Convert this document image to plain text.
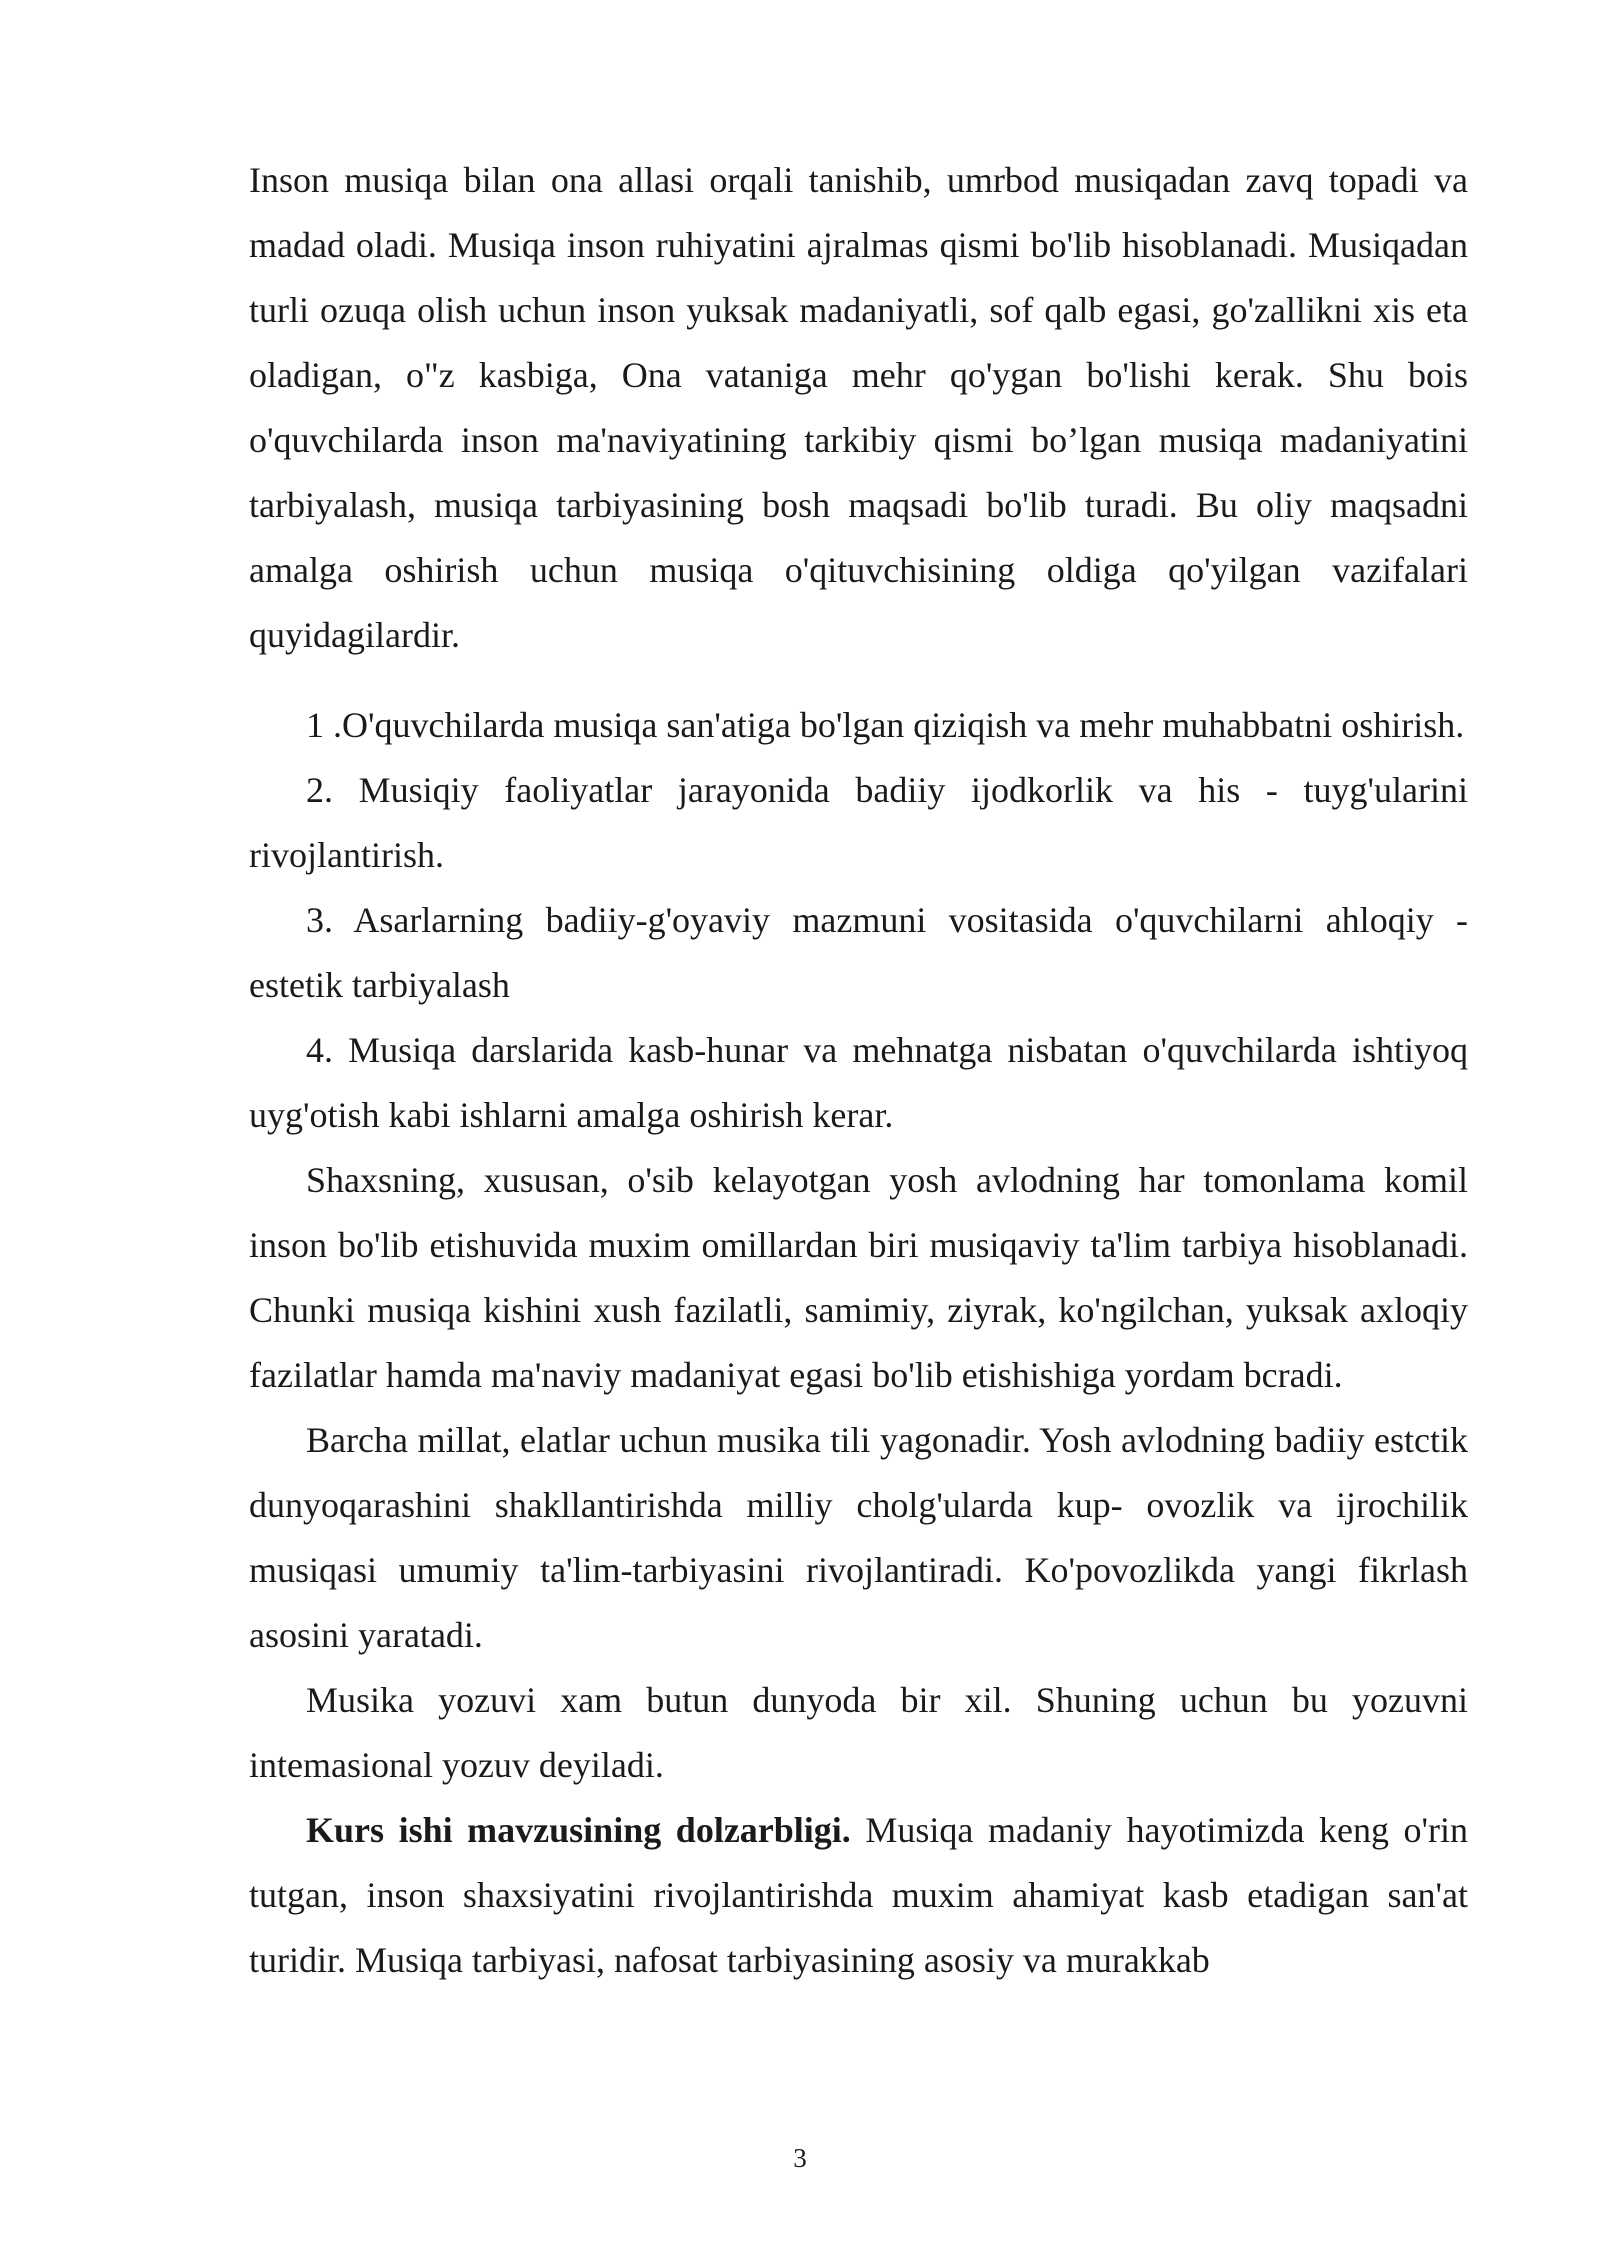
Inson musiqa bilan ona allasi orqali tanishib, umrbod musiqadan zavq topadi va madad oladi. Musiqa inson ruhiyatini ajralmas qismi bo'lib hisoblanadi. Musiqadan turli ozuqa olish uchun inson yuksak madaniyatli, sof qalb egasi, go'zallikni xis eta oladigan, o"z kasbiga, Ona vataniga mehr qo'ygan bo'lishi kerak. Shu bois o'quvchilarda inson ma'naviyatining tarkibiy qismi bo’lgan musiqa madaniyatini tarbiyalash, musiqa tarbiyasining bosh maqsadi bo'lib turadi. Bu oliy maqsadni amalga oshirish uchun musiqa o'qituvchisining oldiga qo'yilgan vazifalari quyidagilardir.

1 .O'quvchilarda musiqa san'atiga bo'lgan qiziqish va mehr muhabbatni oshirish.

2. Musiqiy faoliyatlar jarayonida badiiy ijodkorlik va his - tuyg'ularini rivojlantirish.

3. Asarlarning badiiy-g'oyaviy mazmuni vositasida o'quvchilarni ahloqiy - estetik tarbiyalash

4. Musiqa darslarida kasb-hunar va mehnatga nisbatan o'quvchilarda ishtiyoq uyg'otish kabi ishlarni amalga oshirish kerar.

Shaxsning, xususan, o'sib kelayotgan yosh avlodning har tomonlama komil inson bo'lib etishuvida muxim omillardan biri musiqaviy ta'lim tarbiya hisoblanadi. Chunki musiqa kishini xush fazilatli, samimiy, ziyrak, ko'ngilchan, yuksak axloqiy fazilatlar hamda ma'naviy madaniyat egasi bo'lib etishishiga yordam bcradi.

Barcha millat, elatlar uchun musika tili yagonadir. Yosh avlodning badiiy estctik dunyoqarashini shakllantirishda milliy cholg'ularda kup- ovozlik va ijrochilik musiqasi umumiy ta'lim-tarbiyasini rivojlantiradi. Ko'povozlikda yangi fikrlash asosini yaratadi.

Musika yozuvi xam butun dunyoda bir xil. Shuning uchun bu yozuvni intemasional yozuv deyiladi.

Kurs ishi mavzusining dolzarbligi. Musiqa madaniy hayotimizda keng o'rin tutgan, inson shaxsiyatini rivojlantirishda muxim ahamiyat kasb etadigan san'at turidir. Musiqa tarbiyasi, nafosat tarbiyasining asosiy va murakkab

3
